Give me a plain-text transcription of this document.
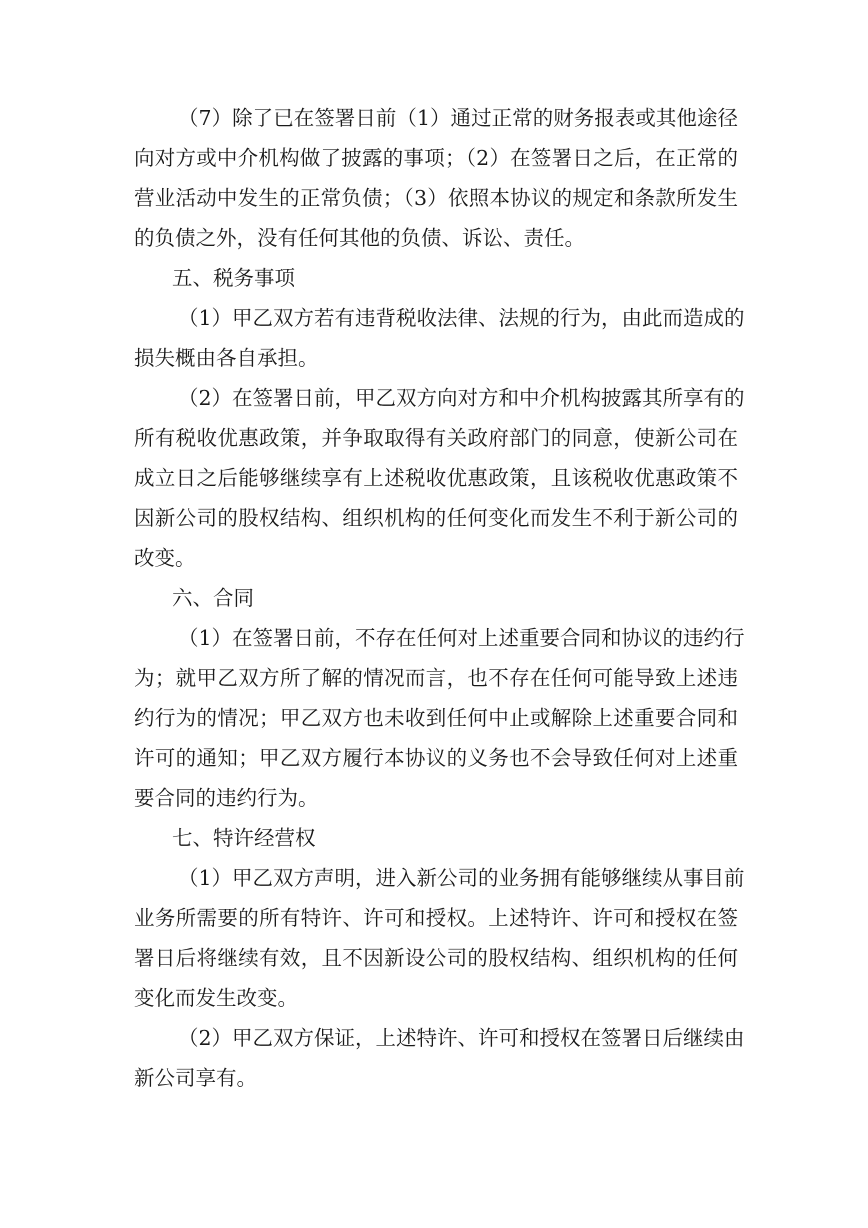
（7）除了已在签署日前（1）通过正常的财务报表或其他途径
向对方或中介机构做了披露的事项；（2）在签署日之后，在正常的
营业活动中发生的正常负债；（3）依照本协议的规定和条款所发生
的负债之外，没有任何其他的负债、诉讼、责任。
五、税务事项
（1）甲乙双方若有违背税收法律、法规的行为，由此而造成的
损失概由各自承担。
（2）在签署日前，甲乙双方向对方和中介机构披露其所享有的
所有税收优惠政策，并争取取得有关政府部门的同意，使新公司在
成立日之后能够继续享有上述税收优惠政策，且该税收优惠政策不
因新公司的股权结构、组织机构的任何变化而发生不利于新公司的
改变。
六、合同
（1）在签署日前，不存在任何对上述重要合同和协议的违约行
为；就甲乙双方所了解的情况而言，也不存在任何可能导致上述违
约行为的情况；甲乙双方也未收到任何中止或解除上述重要合同和
许可的通知；甲乙双方履行本协议的义务也不会导致任何对上述重
要合同的违约行为。
七、特许经营权
（1）甲乙双方声明，进入新公司的业务拥有能够继续从事目前
业务所需要的所有特许、许可和授权。上述特许、许可和授权在签
署日后将继续有效，且不因新设公司的股权结构、组织机构的任何
变化而发生改变。
（2）甲乙双方保证，上述特许、许可和授权在签署日后继续由
新公司享有。
